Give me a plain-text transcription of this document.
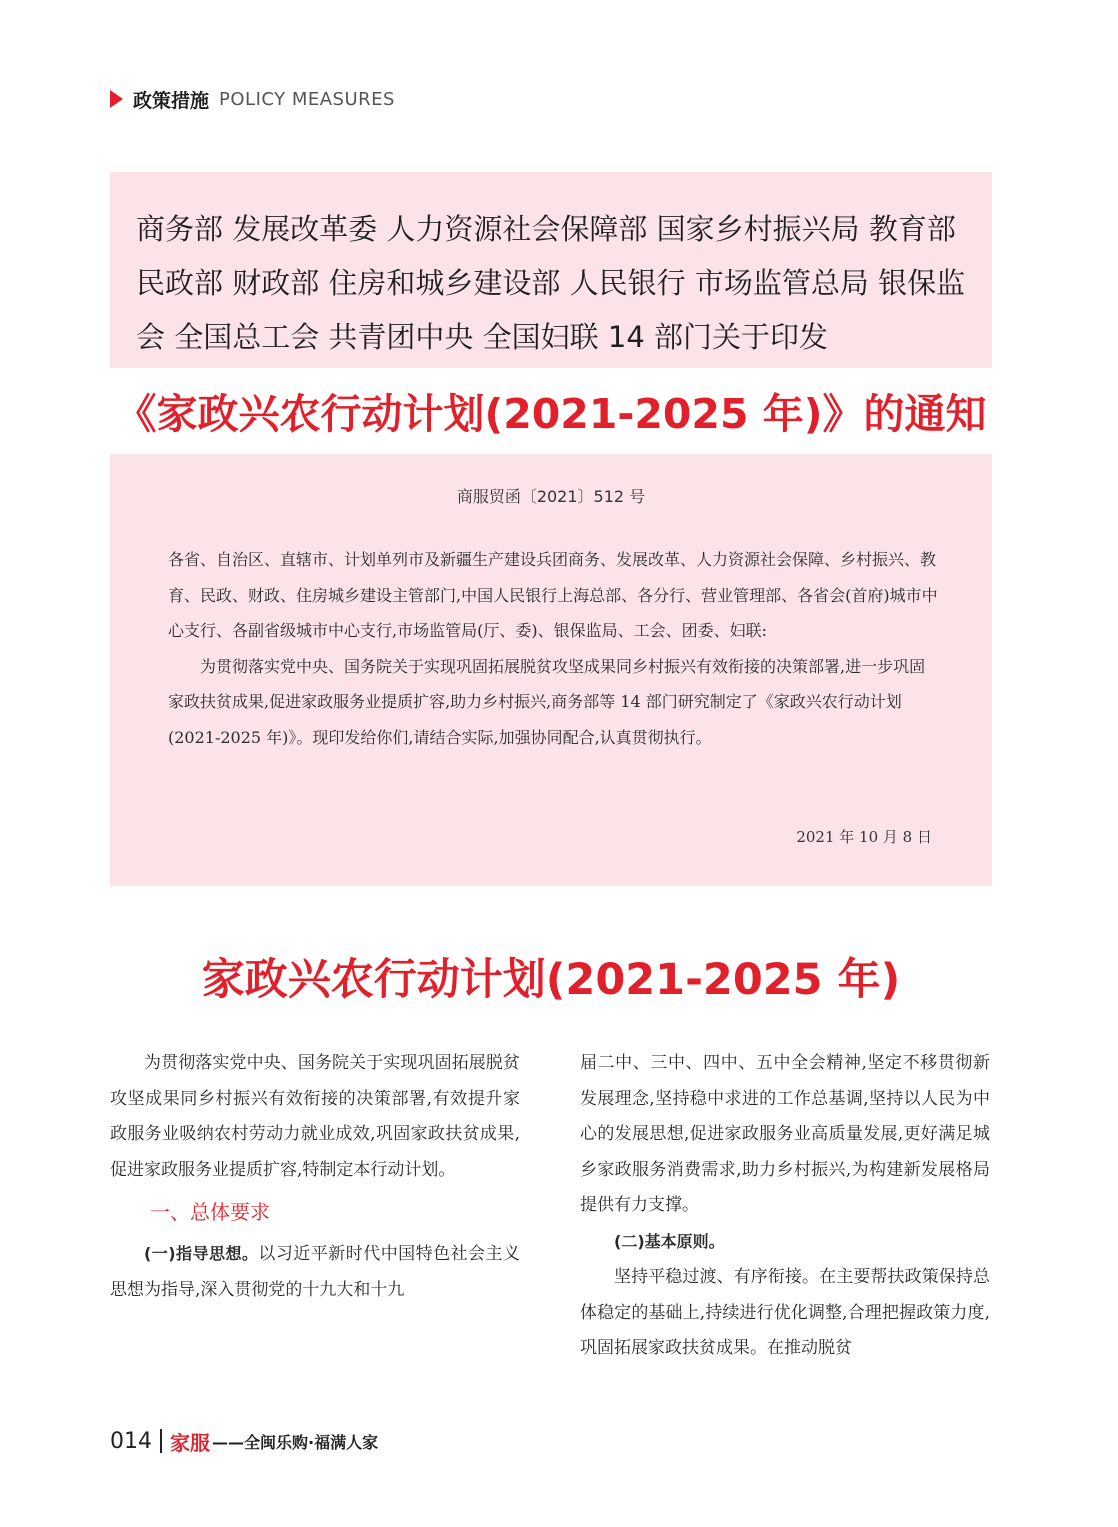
政策措施 POLICY MEASURES
商务部 发展改革委 人力资源社会保障部 国家乡村振兴局 教育部 民政部 财政部 住房和城乡建设部 人民银行 市场监管总局 银保监会 全国总工会 共青团中央 全国妇联 14 部门关于印发
《家政兴农行动计划(2021-2025 年)》的通知
商服贸函〔2021〕512 号

各省、自治区、直辖市、计划单列市及新疆生产建设兵团商务、发展改革、人力资源社会保障、乡村振兴、教育、民政、财政、住房城乡建设主管部门,中国人民银行上海总部、各分行、营业管理部、各省会(首府)城市中心支行、各副省级城市中心支行,市场监管局(厅、委)、银保监局、工会、团委、妇联:

为贯彻落实党中央、国务院关于实现巩固拓展脱贫攻坚成果同乡村振兴有效衔接的决策部署,进一步巩固家政扶贫成果,促进家政服务业提质扩容,助力乡村振兴,商务部等 14 部门研究制定了《家政兴农行动计划(2021-2025 年)》。现印发给你们,请结合实际,加强协同配合,认真贯彻执行。

2021 年 10 月 8 日
家政兴农行动计划(2021-2025 年)

为贯彻落实党中央、国务院关于实现巩固拓展脱贫攻坚成果同乡村振兴有效衔接的决策部署,有效提升家政服务业吸纳农村劳动力就业成效,巩固家政扶贫成果,促进家政服务业提质扩容,特制定本行动计划。

一、总体要求

(一)指导思想。以习近平新时代中国特色社会主义思想为指导,深入贯彻党的十九大和十九

届二中、三中、四中、五中全会精神,坚定不移贯彻新发展理念,坚持稳中求进的工作总基调,坚持以人民为中心的发展思想,促进家政服务业高质量发展,更好满足城乡家政服务消费需求,助力乡村振兴,为构建新发展格局提供有力支撑。

(二)基本原则。

坚持平稳过渡、有序衔接。在主要帮扶政策保持总体稳定的基础上,持续进行优化调整,合理把握政策力度,巩固拓展家政扶贫成果。在推动脱贫

014 家服 ——全闽乐购·福满人家
